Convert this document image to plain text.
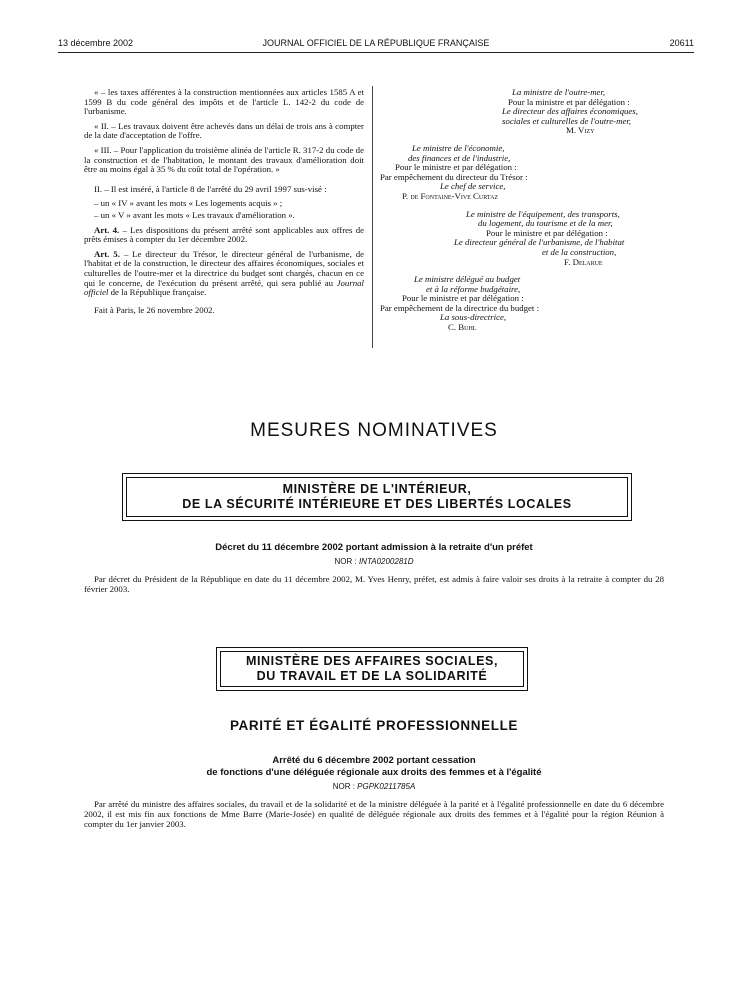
13 décembre 2002	JOURNAL OFFICIEL DE LA RÉPUBLIQUE FRANÇAISE	20611

« – les taxes afférentes à la construction mentionnées aux articles 1585 A et 1599 B du code général des impôts et de l'article L. 142-2 du code de l'urbanisme.

« II. – Les travaux doivent être achevés dans un délai de trois ans à compter de la date d'acceptation de l'offre.

« III. – Pour l'application du troisième alinéa de l'article R. 317-2 du code de la construction et de l'habitation, le montant des travaux d'amélioration doit être au moins égal à 35 % du coût total de l'opération. »

II. – Il est inséré, à l'article 8 de l'arrêté du 29 avril 1997 sus-visé :

– un « IV » avant les mots « Les logements acquis » ;

– un « V » avant les mots « Les travaux d'amélioration ».

Art. 4. – Les dispositions du présent arrêté sont applicables aux offres de prêts émises à compter du 1er décembre 2002.

Art. 5. – Le directeur du Trésor, le directeur général de l'urbanisme, de l'habitat et de la construction, le directeur des affaires économiques, sociales et culturelles de l'outre-mer et la directrice du budget sont chargés, chacun en ce qui le concerne, de l'exécution du présent arrêté, qui sera publié au Journal officiel de la République française.

Fait à Paris, le 26 novembre 2002.

La ministre de l'outre-mer,
Pour la ministre et par délégation :
Le directeur des affaires économiques,
sociales et culturelles de l'outre-mer,
M. Vizy
Le ministre de l'économie,
des finances et de l'industrie,
Pour le ministre et par délégation :
Par empêchement du directeur du Trésor :
Le chef de service,
P. de Fontaine-Vive Curtaz
Le ministre de l'équipement, des transports,
du logement, du tourisme et de la mer,
Pour le ministre et par délégation :
Le directeur général de l'urbanisme, de l'habitat
et de la construction,
F. Delarue
Le ministre délégué au budget
et à la réforme budgétaire,
Pour le ministre et par délégation :
Par empêchement de la directrice du budget :
La sous-directrice,
C. Buhl
MESURES NOMINATIVES
MINISTÈRE DE L'INTÉRIEUR,
DE LA SÉCURITÉ INTÉRIEURE ET DES LIBERTÉS LOCALES
Décret du 11 décembre 2002 portant admission à la retraite d'un préfet
NOR : INTA0200281D

Par décret du Président de la République en date du 11 décembre 2002, M. Yves Henry, préfet, est admis à faire valoir ses droits à la retraite à compter du 28 février 2003.

MINISTÈRE DES AFFAIRES SOCIALES,
DU TRAVAIL ET DE LA SOLIDARITÉ
PARITÉ ET ÉGALITÉ PROFESSIONNELLE
Arrêté du 6 décembre 2002 portant cessation
de fonctions d'une déléguée régionale aux droits des femmes et à l'égalité
NOR : PGPK0211785A

Par arrêté du ministre des affaires sociales, du travail et de la solidarité et de la ministre déléguée à la parité et à l'égalité professionnelle en date du 6 décembre 2002, il est mis fin aux fonctions de Mme Barre (Marie-Josée) en qualité de déléguée régionale aux droits des femmes et à l'égalité pour la région Réunion à compter du 1er janvier 2003.
